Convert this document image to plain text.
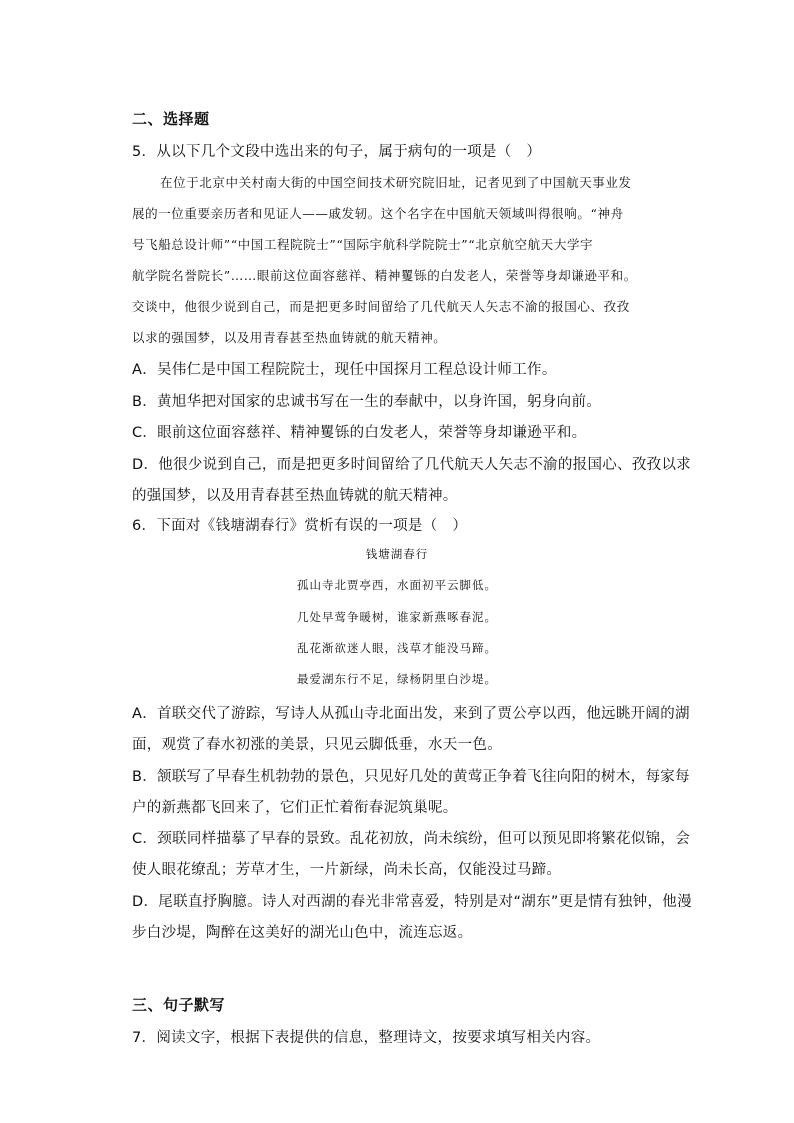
二、选择题
5．从以下几个文段中选出来的句子，属于病句的一项是（　）
在位于北京中关村南大街的中国空间技术研究院旧址，记者见到了中国航天事业发
展的一位重要亲历者和见证人——戚发轫。这个名字在中国航天领域叫得很响。“神舟
号飞船总设计师”“中国工程院院士”“国际宇航科学院院士”“北京航空航天大学宇
航学院名誉院长”……眼前这位面容慈祥、精神矍铄的白发老人，荣誉等身却谦逊平和。
交谈中，他很少说到自己，而是把更多时间留给了几代航天人矢志不渝的报国心、孜孜
以求的强国梦，以及用青春甚至热血铸就的航天精神。
A．吴伟仁是中国工程院院士，现任中国探月工程总设计师工作。
B．黄旭华把对国家的忠诚书写在一生的奉献中，以身许国，躬身向前。
C．眼前这位面容慈祥、精神矍铄的白发老人，荣誉等身却谦逊平和。
D．他很少说到自己，而是把更多时间留给了几代航天人矢志不渝的报国心、孜孜以求
的强国梦，以及用青春甚至热血铸就的航天精神。
6．下面对《钱塘湖春行》赏析有误的一项是（　）
钱塘湖春行
孤山寺北贾亭西，水面初平云脚低。
几处早莺争暖树，谁家新燕啄春泥。
乱花渐欲迷人眼，浅草才能没马蹄。
最爱湖东行不足，绿杨阴里白沙堤。
A．首联交代了游踪，写诗人从孤山寺北面出发，来到了贾公亭以西，他远眺开阔的湖
面，观赏了春水初涨的美景，只见云脚低垂，水天一色。
B．颔联写了早春生机勃勃的景色，只见好几处的黄莺正争着飞往向阳的树木，每家每
户的新燕都飞回来了，它们正忙着衔春泥筑巢呢。
C．颈联同样描摹了早春的景致。乱花初放，尚未缤纷，但可以预见即将繁花似锦，会
使人眼花缭乱；芳草才生，一片新绿，尚未长高，仅能没过马蹄。
D．尾联直抒胸臆。诗人对西湖的春光非常喜爱，特别是对“湖东”更是情有独钟，他漫
步白沙堤，陶醉在这美好的湖光山色中，流连忘返。
三、句子默写
7．阅读文字，根据下表提供的信息，整理诗文，按要求填写相关内容。
